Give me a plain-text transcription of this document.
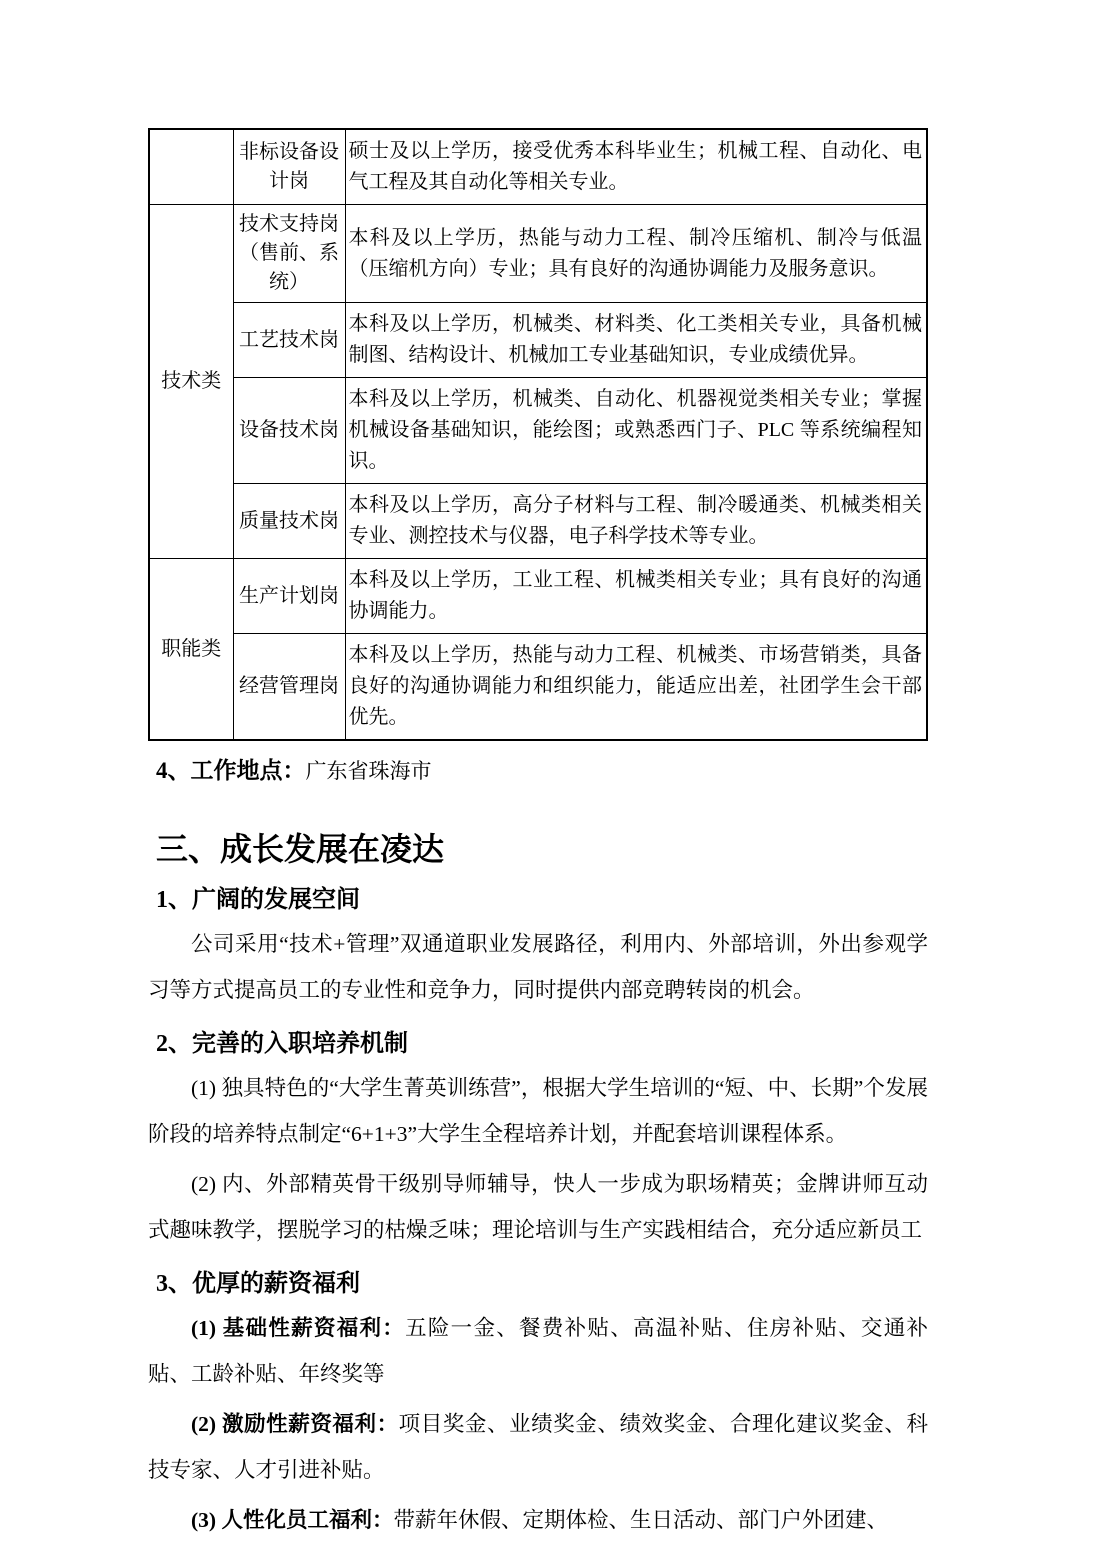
	非标设备设计岗	硕士及以上学历，接受优秀本科毕业生；机械工程、自动化、电气工程及其自动化等相关专业。
技术类	技术支持岗（售前、系统）	本科及以上学历，热能与动力工程、制冷压缩机、制冷与低温（压缩机方向）专业；具有良好的沟通协调能力及服务意识。
	工艺技术岗	本科及以上学历，机械类、材料类、化工类相关专业，具备机械制图、结构设计、机械加工专业基础知识，专业成绩优异。
	设备技术岗	本科及以上学历，机械类、自动化、机器视觉类相关专业；掌握机械设备基础知识，能绘图；或熟悉西门子、PLC 等系统编程知识。
	质量技术岗	本科及以上学历，高分子材料与工程、制冷暖通类、机械类相关专业、测控技术与仪器，电子科学技术等专业。
职能类	生产计划岗	本科及以上学历，工业工程、机械类相关专业；具有良好的沟通协调能力。
	经营管理岗	本科及以上学历，热能与动力工程、机械类、市场营销类，具备良好的沟通协调能力和组织能力，能适应出差，社团学生会干部优先。

4、工作地点：广东省珠海市

三、成长发展在凌达
1、广阔的发展空间

公司采用“技术+管理”双通道职业发展路径，利用内、外部培训，外出参观学习等方式提高员工的专业性和竞争力，同时提供内部竞聘转岗的机会。

2、完善的入职培养机制

(1) 独具特色的“大学生菁英训练营”，根据大学生培训的“短、中、长期”个发展阶段的培养特点制定“6+1+3”大学生全程培养计划，并配套培训课程体系。

(2) 内、外部精英骨干级别导师辅导，快人一步成为职场精英；金牌讲师互动式趣味教学，摆脱学习的枯燥乏味；理论培训与生产实践相结合，充分适应新员工

3、优厚的薪资福利

(1) 基础性薪资福利：五险一金、餐费补贴、高温补贴、住房补贴、交通补贴、工龄补贴、年终奖等

(2) 激励性薪资福利：项目奖金、业绩奖金、绩效奖金、合理化建议奖金、科技专家、人才引进补贴。

(3) 人性化员工福利：带薪年休假、定期体检、生日活动、部门户外团建、
